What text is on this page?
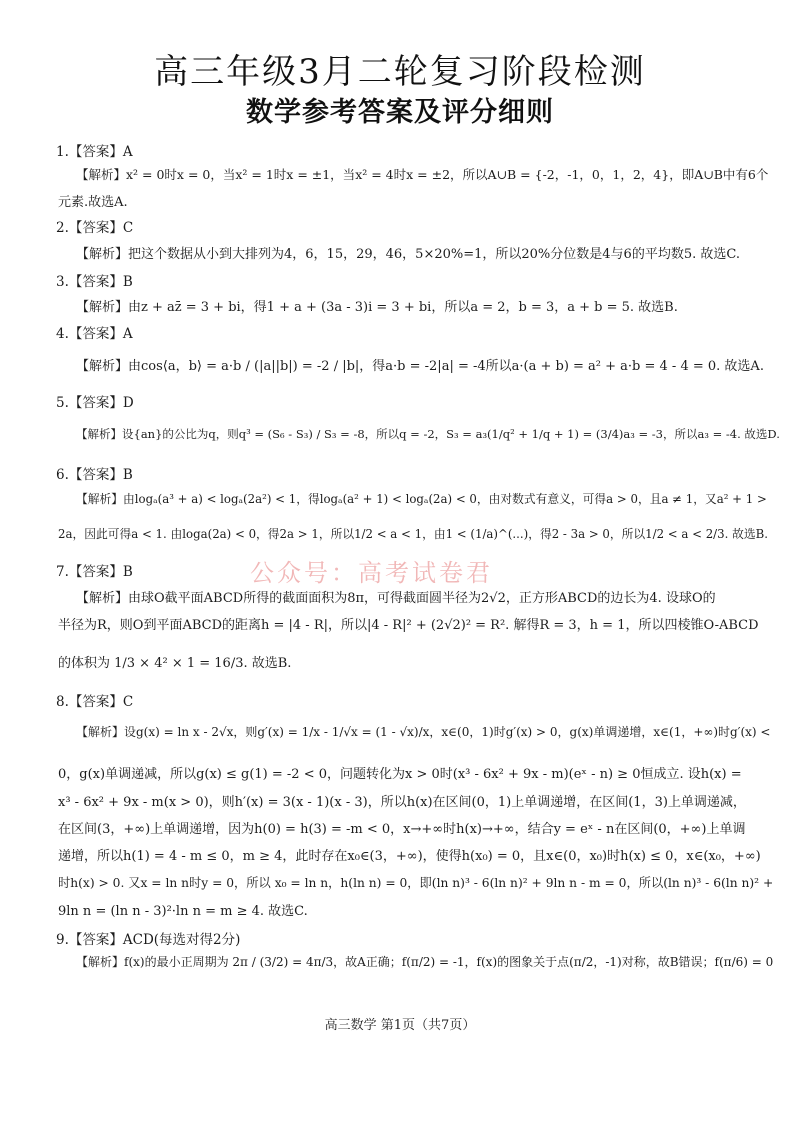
高三年级3月二轮复习阶段检测
数学参考答案及评分细则
1.【答案】A
【解析】x² = 0时x = 0，当x² = 1时x = ±1，当x² = 4时x = ±2，所以A∪B = {-2，-1，0，1，2，4}，即A∪B中有6个
元素.故选A.
2.【答案】C
【解析】把这个数据从小到大排列为4，6，15，29，46，5×20%=1，所以20%分位数是4与6的平均数5. 故选C.
3.【答案】B
【解析】由z + az̄ = 3 + bi，得1 + a + (3a - 3)i = 3 + bi，所以a = 2，b = 3，a + b = 5. 故选B.
4.【答案】A
【解析】由cos⟨a，b⟩ = a·b / (|a||b|) = -2 / |b|，得a·b = -2|a| = -4所以a·(a + b) = a² + a·b = 4 - 4 = 0. 故选A.
5.【答案】D
【解析】设{an}的公比为q，则q³ = (S₆ - S₃) / S₃ = -8，所以q = -2，S₃ = a₃(1/q² + 1/q + 1) = (3/4)a₃ = -3，所以a₃ = -4. 故选D.
6.【答案】B
【解析】由logₐ(a³ + a) < logₐ(2a²) < 1，得logₐ(a² + 1) < logₐ(2a) < 0，由对数式有意义，可得a > 0，且a ≠ 1，又a² + 1 >
2a，因此可得a < 1. 由loga(2a) < 0，得2a > 1，所以1/2 < a < 1，由1 < (1/a)^(...)，得2 - 3a > 0，所以1/2 < a < 2/3. 故选B.
7.【答案】B
【解析】由球O截平面ABCD所得的截面面积为8π，可得截面圆半径为2√2，正方形ABCD的边长为4. 设球O的
半径为R，则O到平面ABCD的距离h = |4 - R|，所以|4 - R|² + (2√2)² = R². 解得R = 3，h = 1，所以四棱锥O-ABCD
的体积为 1/3 × 4² × 1 = 16/3. 故选B.
8.【答案】C
【解析】设g(x) = ln x - 2√x，则g′(x) = 1/x - 1/√x = (1 - √x)/x，x∈(0，1)时g′(x) > 0，g(x)单调递增，x∈(1，+∞)时g′(x) <
0，g(x)单调递减，所以g(x) ≤ g(1) = -2 < 0，问题转化为x > 0时(x³ - 6x² + 9x - m)(eˣ - n) ≥ 0恒成立. 设h(x) =
x³ - 6x² + 9x - m(x > 0)，则h′(x) = 3(x - 1)(x - 3)，所以h(x)在区间(0，1)上单调递增，在区间(1，3)上单调递减，
在区间(3，+∞)上单调递增，因为h(0) = h(3) = -m < 0，x→+∞时h(x)→+∞，结合y = eˣ - n在区间(0，+∞)上单调
递增，所以h(1) = 4 - m ≤ 0，m ≥ 4，此时存在x₀∈(3，+∞)，使得h(x₀) = 0，且x∈(0，x₀)时h(x) ≤ 0，x∈(x₀，+∞)
时h(x) > 0. 又x = ln n时y = 0，所以 x₀ = ln n，h(ln n) = 0，即(ln n)³ - 6(ln n)² + 9ln n - m = 0，所以(ln n)³ - 6(ln n)² +
9ln n = (ln n - 3)²·ln n = m ≥ 4. 故选C.
9.【答案】ACD(每选对得2分)
【解析】f(x)的最小正周期为 2π / (3/2) = 4π/3，故A正确；f(π/2) = -1，f(x)的图象关于点(π/2，-1)对称，故B错误；f(π/6) = 0
公众号：高考试卷君
高三数学 第1页（共7页）
